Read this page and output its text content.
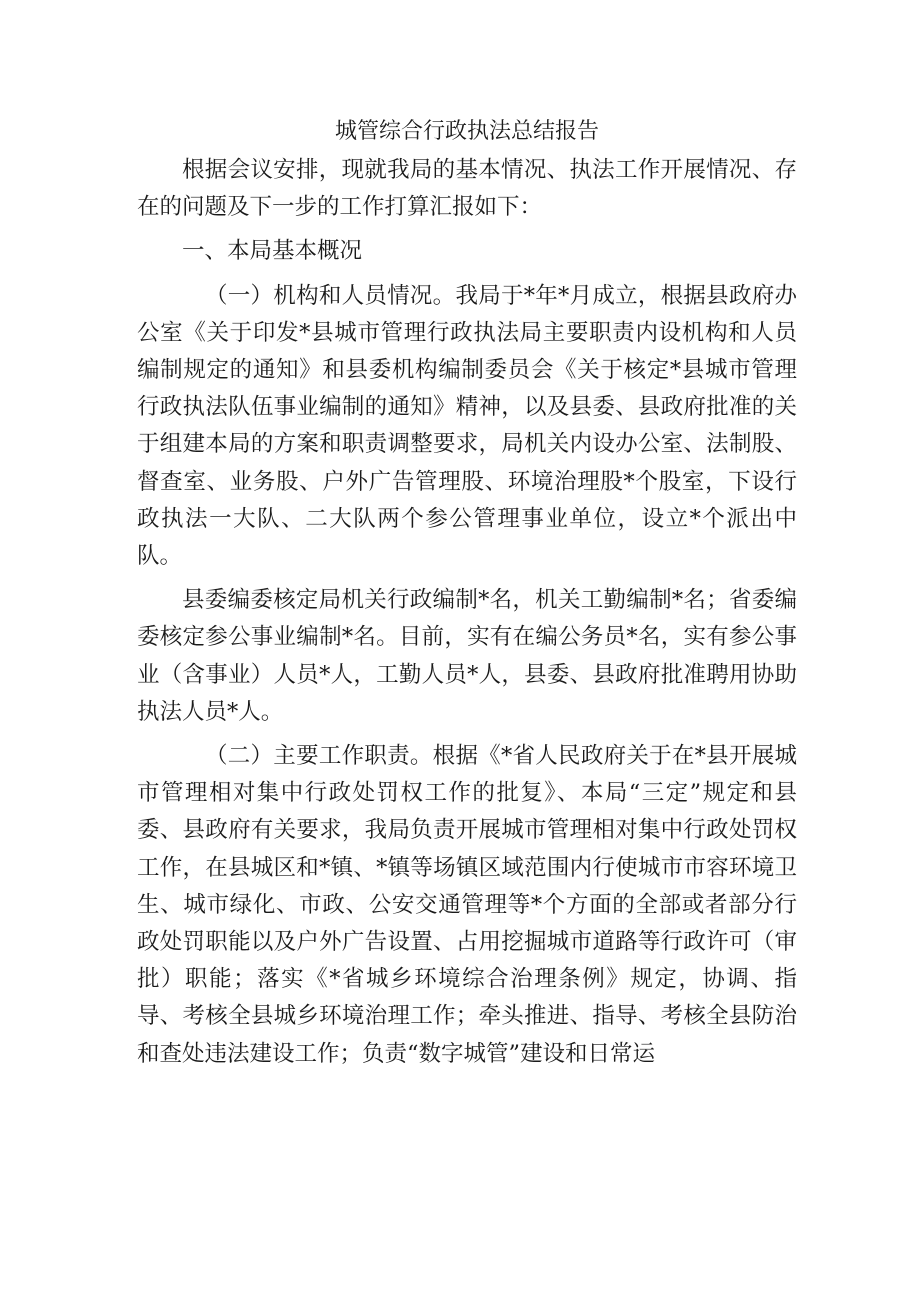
城管综合行政执法总结报告

根据会议安排，现就我局的基本情况、执法工作开展情况、存在的问题及下一步的工作打算汇报如下：

一、本局基本概况

（一）机构和人员情况。我局于*年*月成立，根据县政府办公室《关于印发*县城市管理行政执法局主要职责内设机构和人员编制规定的通知》和县委机构编制委员会《关于核定*县城市管理行政执法队伍事业编制的通知》精神，以及县委、县政府批准的关于组建本局的方案和职责调整要求，局机关内设办公室、法制股、督查室、业务股、户外广告管理股、环境治理股*个股室，下设行政执法一大队、二大队两个参公管理事业单位，设立*个派出中队。

县委编委核定局机关行政编制*名，机关工勤编制*名；省委编委核定参公事业编制*名。目前，实有在编公务员*名，实有参公事业（含事业）人员*人，工勤人员*人，县委、县政府批准聘用协助执法人员*人。

（二）主要工作职责。根据《*省人民政府关于在*县开展城市管理相对集中行政处罚权工作的批复》、本局“三定”规定和县委、县政府有关要求，我局负责开展城市管理相对集中行政处罚权工作，在县城区和*镇、*镇等场镇区域范围内行使城市市容环境卫生、城市绿化、市政、公安交通管理等*个方面的全部或者部分行政处罚职能以及户外广告设置、占用挖掘城市道路等行政许可（审批）职能；落实《*省城乡环境综合治理条例》规定，协调、指导、考核全县城乡环境治理工作；牵头推进、指导、考核全县防治和查处违法建设工作；负责“数字城管”建设和日常运
